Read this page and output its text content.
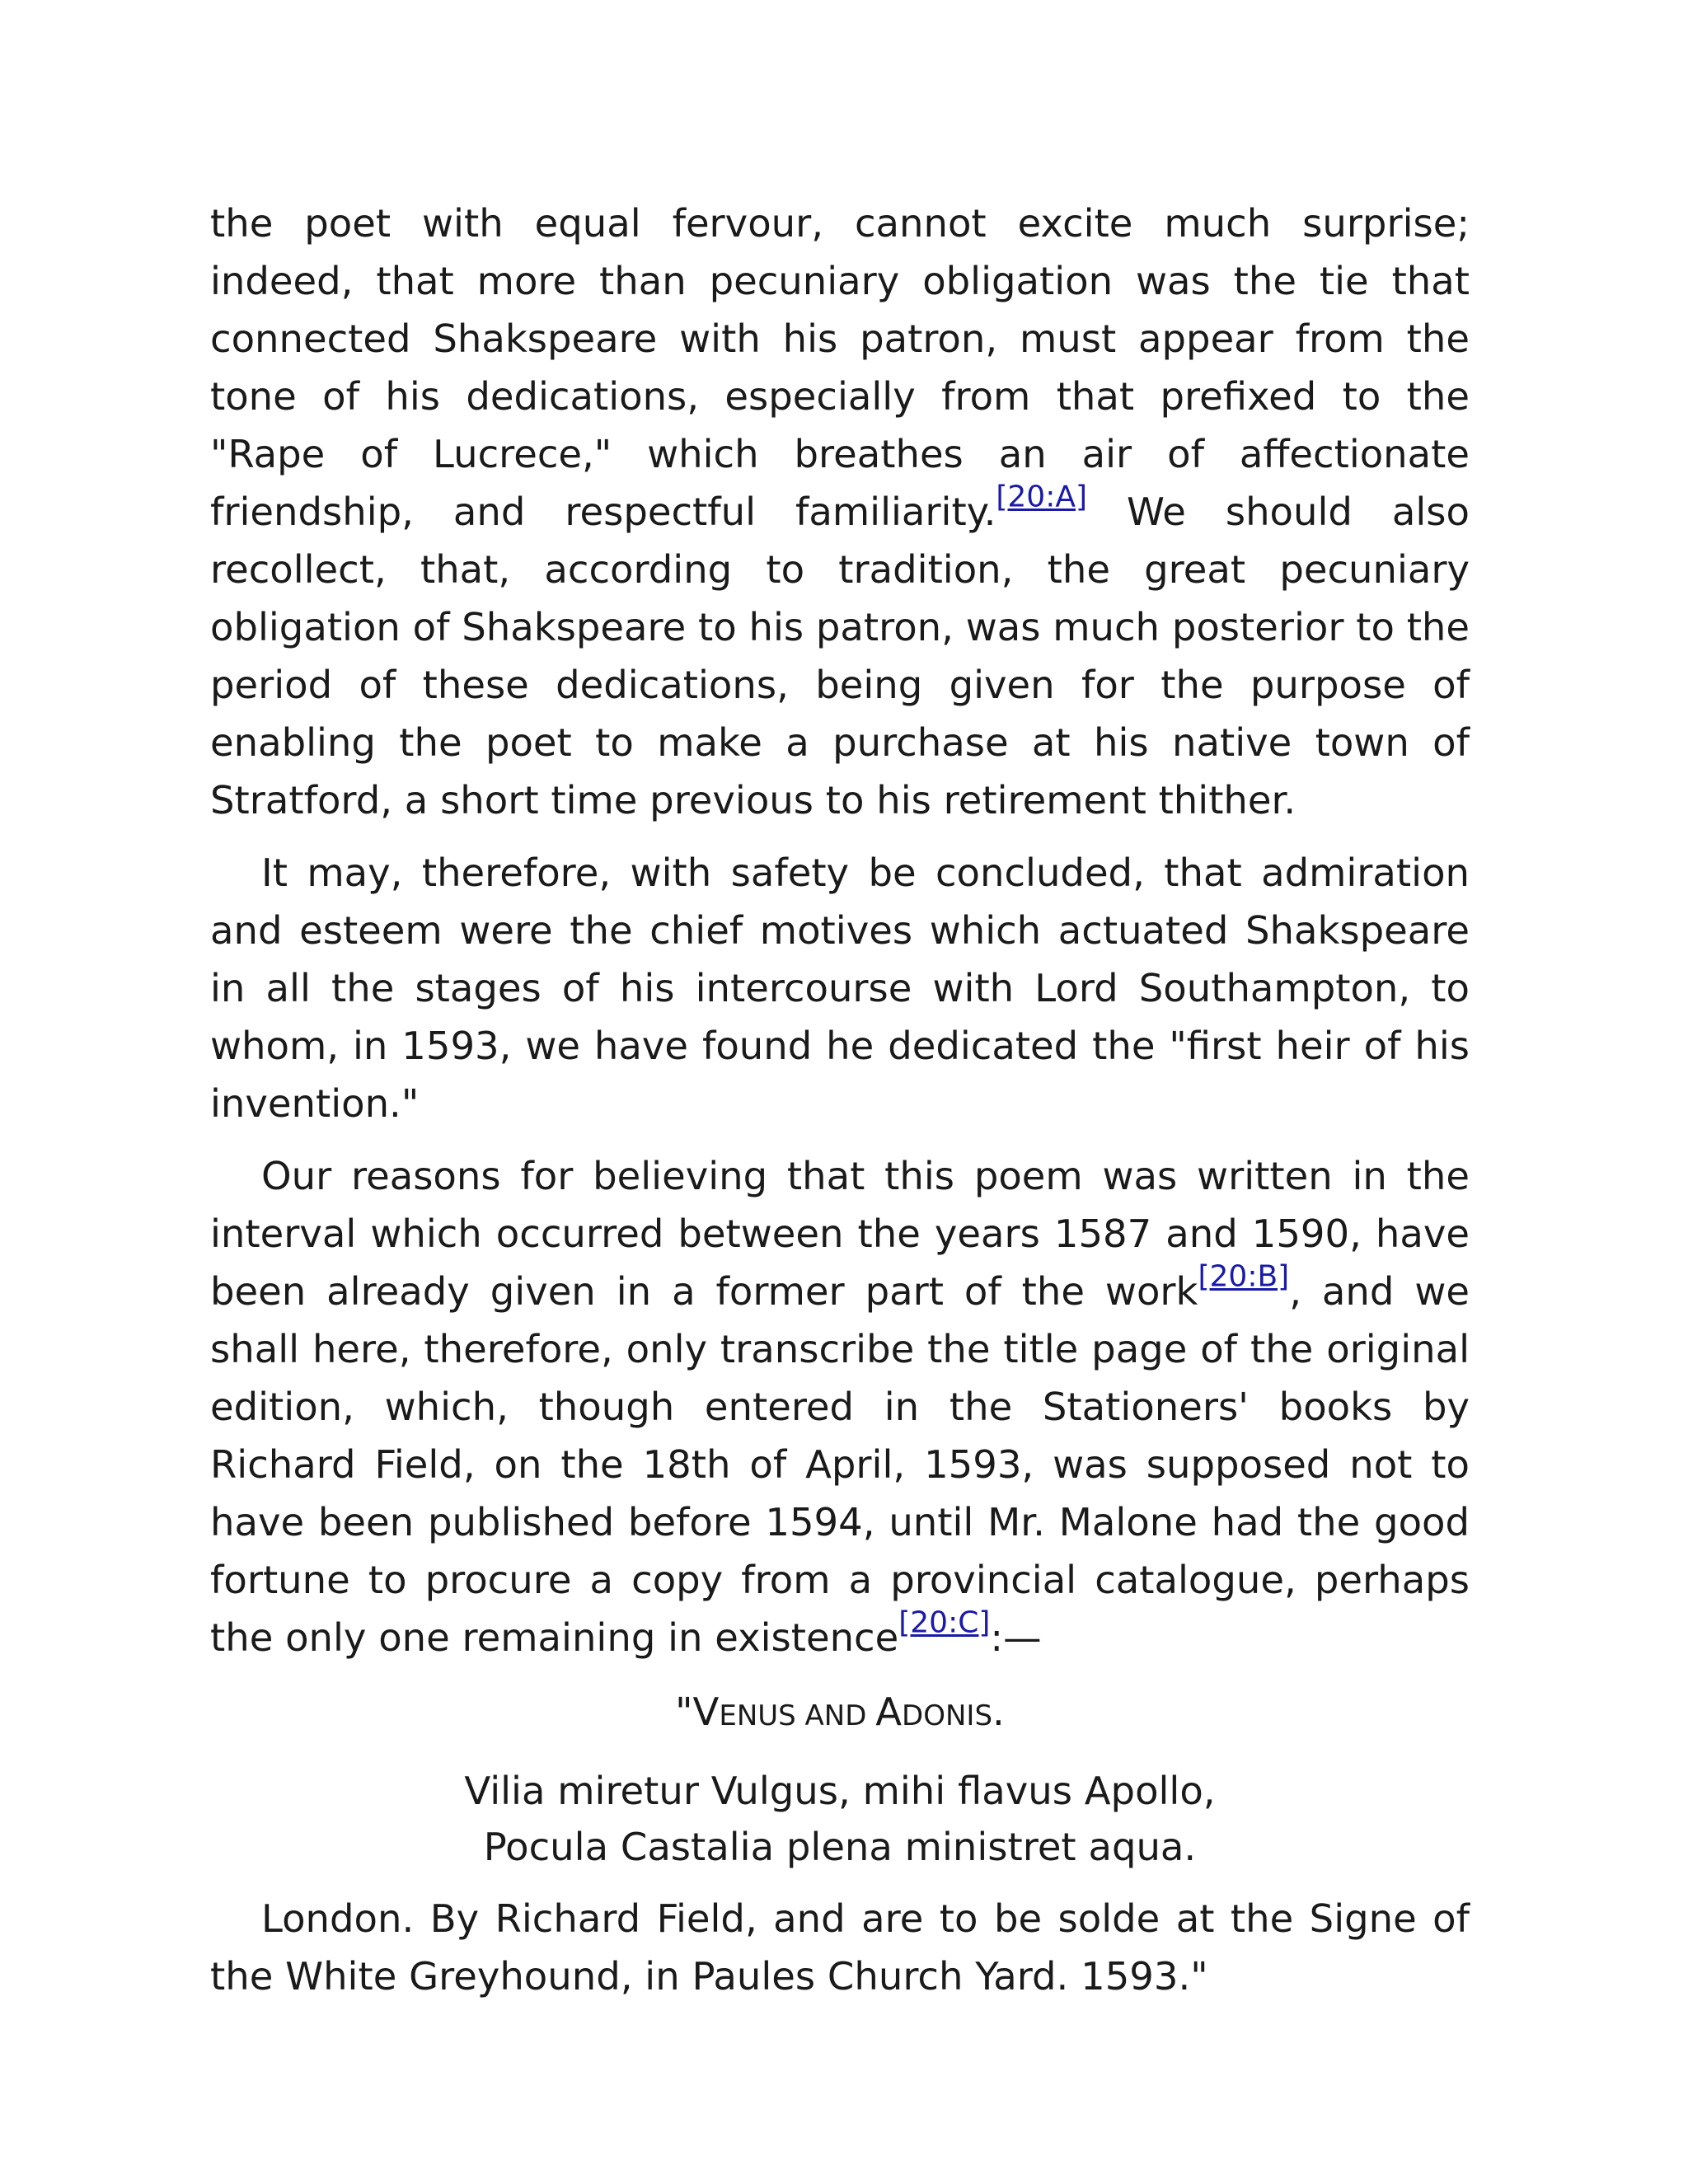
the poet with equal fervour, cannot excite much surprise; indeed, that more than pecuniary obligation was the tie that connected Shakspeare with his patron, must appear from the tone of his dedications, especially from that prefixed to the "Rape of Lucrece," which breathes an air of affectionate friendship, and respectful familiarity.[20:A] We should also recollect, that, according to tradition, the great pecuniary obligation of Shakspeare to his patron, was much posterior to the period of these dedications, being given for the purpose of enabling the poet to make a purchase at his native town of Stratford, a short time previous to his retirement thither.

It may, therefore, with safety be concluded, that admiration and esteem were the chief motives which actuated Shakspeare in all the stages of his intercourse with Lord Southampton, to whom, in 1593, we have found he dedicated the "first heir of his invention."

Our reasons for believing that this poem was written in the interval which occurred between the years 1587 and 1590, have been already given in a former part of the work[20:B], and we shall here, therefore, only transcribe the title page of the original edition, which, though entered in the Stationers' books by Richard Field, on the 18th of April, 1593, was supposed not to have been published before 1594, until Mr. Malone had the good fortune to procure a copy from a provincial catalogue, perhaps the only one remaining in existence[20:C]:—

"VENUS AND ADONIS.
Vilia miretur Vulgus, mihi flavus Apollo,
Pocula Castalia plena ministret aqua.

London. By Richard Field, and are to be solde at the Signe of the White Greyhound, in Paules Church Yard. 1593."
